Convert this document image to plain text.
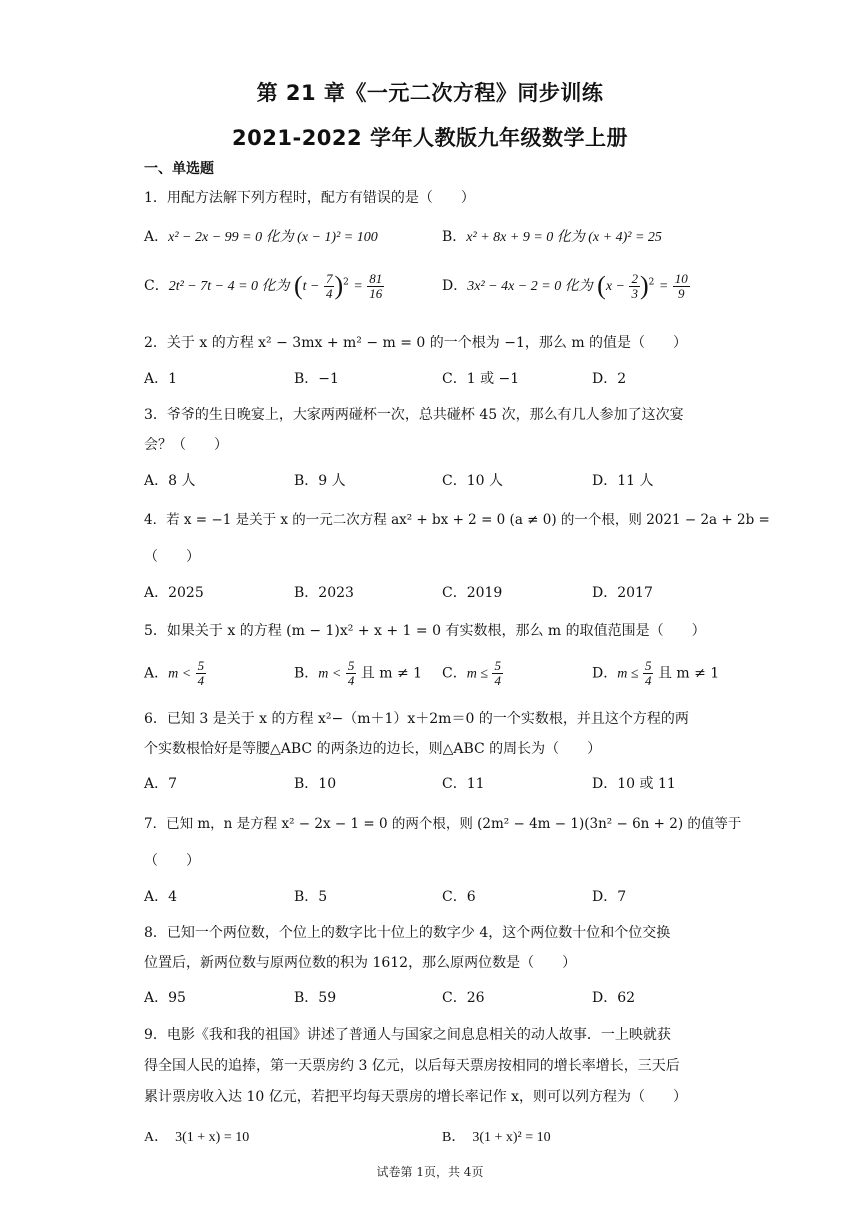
第 21 章《一元二次方程》同步训练
2021-2022 学年人教版九年级数学上册
一、单选题
1．用配方法解下列方程时，配方有错误的是（　　）
A．x² − 2x − 99 = 0 化为 (x − 1)² = 100	B．x² + 8x + 9 = 0 化为 (x + 4)² = 25
C．2t² − 7t − 4 = 0 化为 $(t - \frac{7}{4} )^2 = \frac{81}{16}$	D．3x² − 4x − 2 = 0 化为 $(x - \frac{2}{3} )^2 = \frac{10}{9}$
2．关于 x 的方程 x² − 3mx + m² − m = 0 的一个根为 −1，那么 m 的值是（　　）
A．1	B．−1	C．1 或 −1	D．2
3．爷爷的生日晚宴上，大家两两碰杯一次，总共碰杯 45 次，那么有几人参加了这次宴
会？（　　）
A．8 人	B．9 人	C．10 人	D．11 人
4．若 x = −1 是关于 x 的一元二次方程 ax² + bx + 2 = 0 (a ≠ 0) 的一个根，则 2021 − 2a + 2b =
（　　）
A．2025	B．2023	C．2019	D．2017
5．如果关于 x 的方程 (m − 1)x² + x + 1 = 0 有实数根，那么 m 的取值范围是（　　）
A．$m < \frac{5}{4}$	B．$m < \frac{5}{4}$ 且 m ≠ 1 C．$m \le \frac{5}{4}$	D．$m \le \frac{5}{4}$ 且 m ≠ 1
6．已知 3 是关于 x 的方程 x²−（m＋1）x＋2m＝0 的一个实数根，并且这个方程的两
个实数根恰好是等腰△ABC 的两条边的边长，则△ABC 的周长为（　　）
A．7	B．10	C．11	D．10 或 11
7．已知 m，n 是方程 x² − 2x − 1 = 0 的两个根，则 (2m² − 4m − 1)(3n² − 6n + 2) 的值等于
（　　）
A．4	B．5	C．6	D．7
8．已知一个两位数，个位上的数字比十位上的数字少 4，这个两位数十位和个位交换
位置后，新两位数与原两位数的积为 1612，那么原两位数是（　　）
A．95	B．59	C．26	D．62
9．电影《我和我的祖国》讲述了普通人与国家之间息息相关的动人故事．一上映就获
得全国人民的追捧，第一天票房约 3 亿元，以后每天票房按相同的增长率增长，三天后
累计票房收入达 10 亿元，若把平均每天票房的增长率记作 x，则可以列方程为（　　）
A．　3(1 + x) = 10	B．　3(1 + x)² = 10
试卷第 1页，共 4页
